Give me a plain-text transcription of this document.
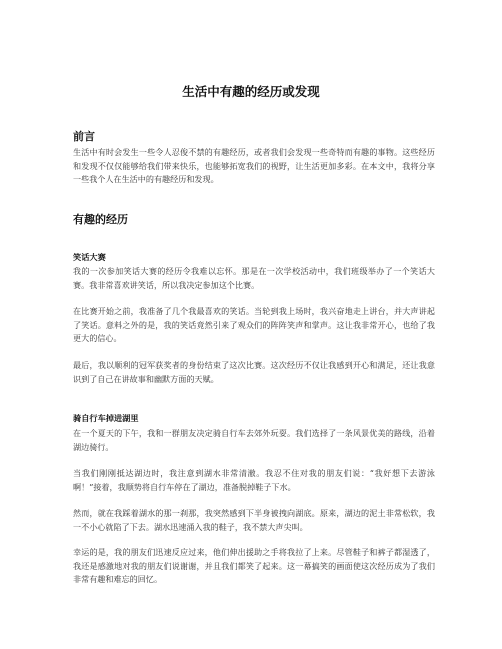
生活中有趣的经历或发现
前言

生活中有时会发生一些令人忍俊不禁的有趣经历，或者我们会发现一些奇特而有趣的事物。这些经历和发现不仅仅能够给我们带来快乐，也能够拓宽我们的视野，让生活更加多彩。在本文中，我将分享一些我个人在生活中的有趣经历和发现。

有趣的经历
笑话大赛

我的一次参加笑话大赛的经历令我难以忘怀。那是在一次学校活动中，我们班级举办了一个笑话大赛。我非常喜欢讲笑话，所以我决定参加这个比赛。

在比赛开始之前，我准备了几个我最喜欢的笑话。当轮到我上场时，我兴奋地走上讲台，并大声讲起了笑话。意料之外的是，我的笑话竟然引来了观众们的阵阵笑声和掌声。这让我非常开心，也给了我更大的信心。

最后，我以顺利的冠军获奖者的身份结束了这次比赛。这次经历不仅让我感到开心和满足，还让我意识到了自己在讲故事和幽默方面的天赋。

骑自行车掉进湖里

在一个夏天的下午，我和一群朋友决定骑自行车去郊外玩耍。我们选择了一条风景优美的路线，沿着湖边骑行。

当我们刚刚抵达湖边时，我注意到湖水非常清澈。我忍不住对我的朋友们说：“我好想下去游泳啊！”接着，我顺势将自行车停在了湖边，准备脱掉鞋子下水。

然而，就在我踩着湖水的那一刹那，我突然感到下半身被拽向湖底。原来，湖边的泥土非常松软，我一不小心就陷了下去。湖水迅速涌入我的鞋子，我不禁大声尖叫。

幸运的是，我的朋友们迅速反应过来，他们伸出援助之手将我拉了上来。尽管鞋子和裤子都湿透了，我还是感激地对我的朋友们说谢谢，并且我们都笑了起来。这一幕搞笑的画面使这次经历成为了我们非常有趣和难忘的回忆。
